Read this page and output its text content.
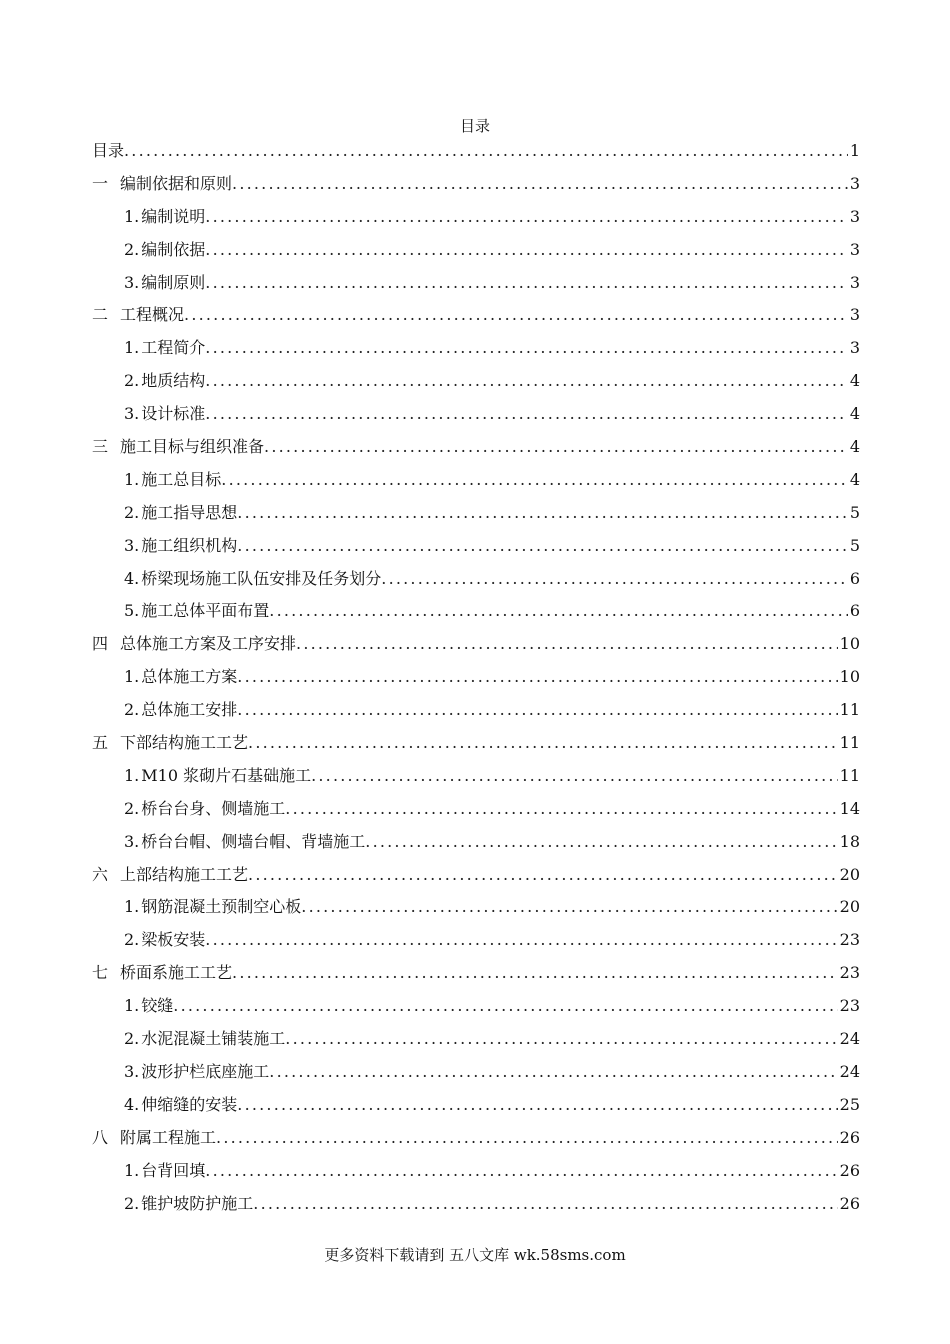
目录
目录 .....	1
一 编制依据和原则 .....	3
1. 编制说明 .....	3
2. 编制依据 .....	3
3. 编制原则 .....	3
二 工程概况 .....	3
1. 工程简介 .....	3
2. 地质结构 .....	4
3. 设计标准 .....	4
三 施工目标与组织准备 .....	4
1. 施工总目标 .....	4
2. 施工指导思想 .....	5
3. 施工组织机构 .....	5
4. 桥梁现场施工队伍安排及任务划分 .....	6
5. 施工总体平面布置 .....	6
四 总体施工方案及工序安排 .....	10
1. 总体施工方案 .....	10
2. 总体施工安排 .....	11
五 下部结构施工工艺 .....	11
1. M10 浆砌片石基础施工 .....	11
2. 桥台台身、侧墙施工 .....	14
3. 桥台台帽、侧墙台帽、背墙施工 .....	18
六 上部结构施工工艺 .....	20
1. 钢筋混凝土预制空心板 .....	20
2. 梁板安装 .....	23
七 桥面系施工工艺 .....	23
1. 铰缝 .....	23
2. 水泥混凝土铺装施工 .....	24
3. 波形护栏底座施工 .....	24
4. 伸缩缝的安装 .....	25
八 附属工程施工 .....	26
1. 台背回填 .....	26
2. 锥护坡防护施工 .....	26
更多资料下载请到 五八文库 wk.58sms.com
